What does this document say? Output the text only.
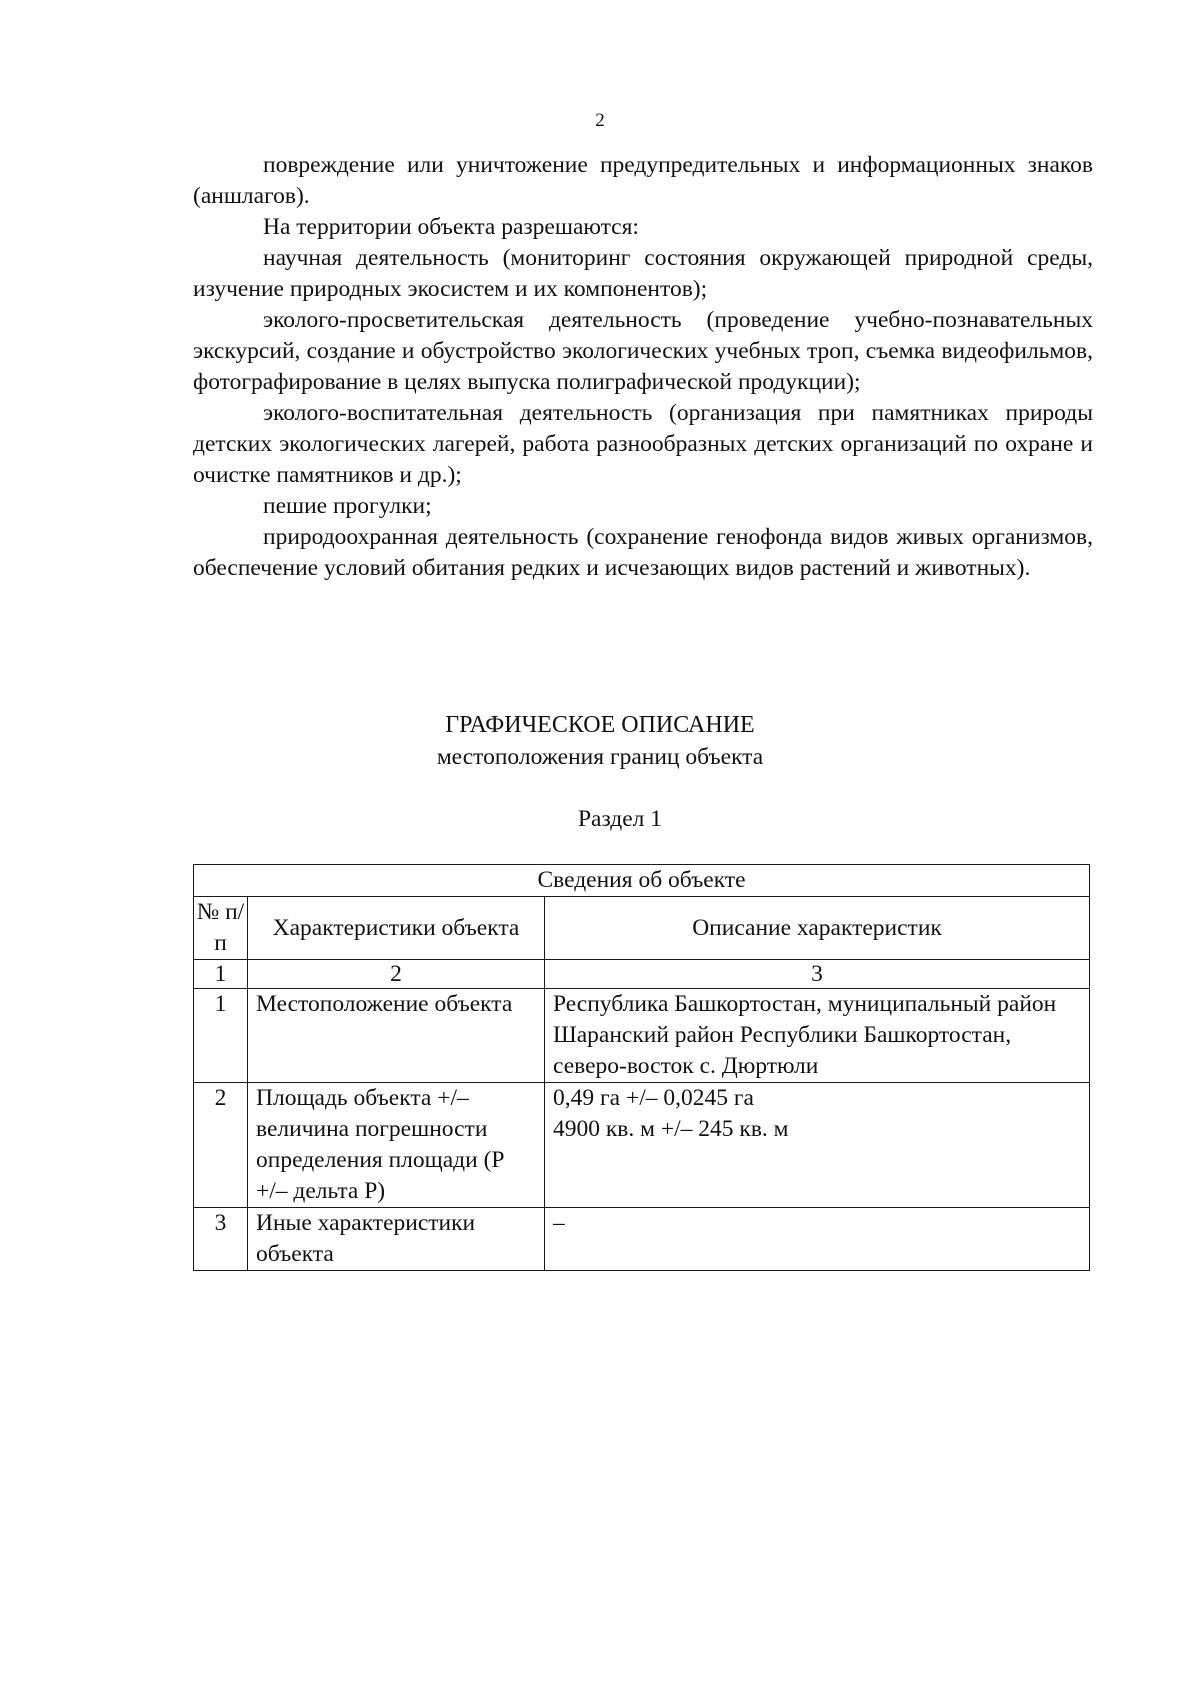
2

повреждение или уничтожение предупредительных и информационных знаков (аншлагов).

На территории объекта разрешаются:

научная деятельность (мониторинг состояния окружающей природной среды, изучение природных экосистем и их компонентов);

эколого-просветительская деятельность (проведение учебно-познавательных экскурсий, создание и обустройство экологических учебных троп, съемка видеофильмов, фотографирование в целях выпуска полиграфической продукции);

эколого-воспитательная деятельность (организация при памятниках природы детских экологических лагерей, работа разнообразных детских организаций по охране и очистке памятников и др.);

пешие прогулки;

природоохранная деятельность (сохранение генофонда видов живых организмов, обеспечение условий обитания редких и исчезающих видов растений и животных).

ГРАФИЧЕСКОЕ ОПИСАНИЕ
местоположения границ объекта
Раздел 1
Сведения об объекте		
№ п/п	Характеристики объекта	Описание характеристик
1	2	3
1	Местоположение объекта	Республика Башкортостан, муниципальный район Шаранский район Республики Башкортостан, северо-восток с. Дюртюли
2	Площадь объекта +/– величина погрешности определения площади (Р +/– дельта Р)	0,49 га +/– 0,0245 га
4900 кв. м +/– 245 кв. м

3	Иные характеристики объекта	–
